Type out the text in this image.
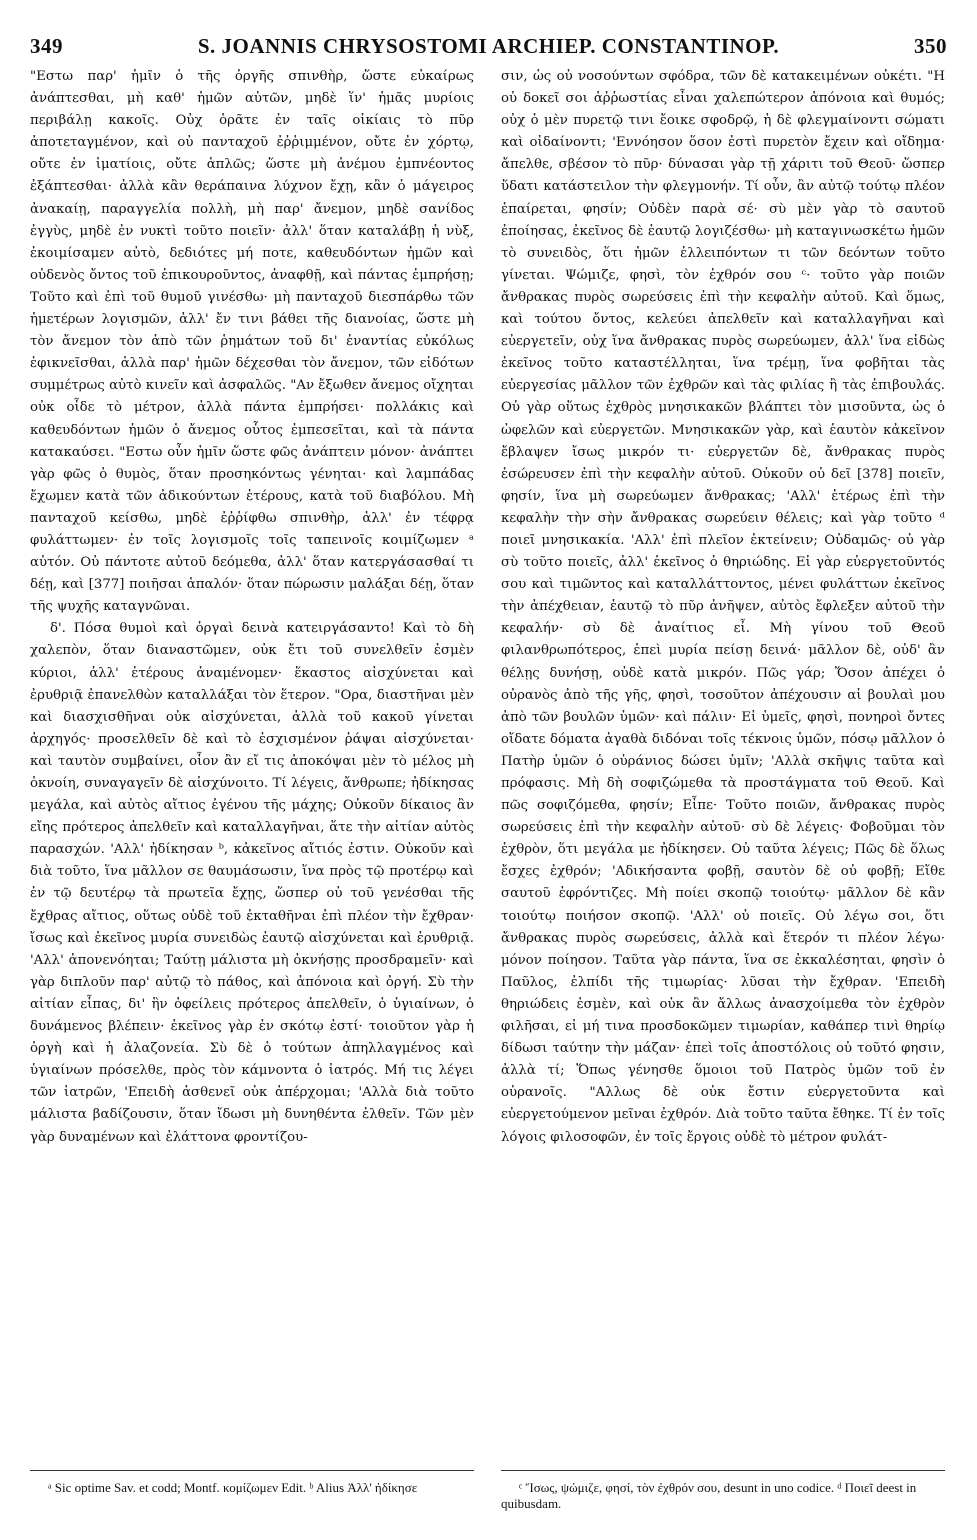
349	S. JOANNIS CHRYSOSTOMI ARCHIEP. CONSTANTINOP.	350

"Εστω παρ' ἡμῖν ὁ τῆς ὀργῆς σπινθὴρ, ὥστε εὐκαίρως ἀνάπτεσθαι, μὴ καθ' ἡμῶν αὐτῶν, μηδὲ ἵν' ἡμᾶς μυρίοις περιβάλῃ κακοῖς. Οὐχ ὁρᾶτε ἐν ταῖς οἰκίαις τὸ πῦρ ἀποτεταγμένον, καὶ οὐ πανταχοῦ ἐῤῥιμμένον, οὔτε ἐν χόρτῳ, οὔτε ἐν ἱματίοις, οὔτε ἁπλῶς; ὥστε μὴ ἀνέμου ἐμπνέοντος ἐξάπτεσθαι· ἀλλὰ κἂν θεράπαινα λύχνον ἔχῃ, κἂν ὁ μάγειρος ἀνακαίῃ, παραγγελία πολλὴ, μὴ παρ' ἄνεμον, μηδὲ σανίδος ἐγγὺς, μηδὲ ἐν νυκτὶ τοῦτο ποιεῖν· ἀλλ' ὅταν καταλάβῃ ἡ νὺξ, ἐκοιμίσαμεν αὐτὸ, δεδιότες μή ποτε, καθευδόντων ἡμῶν καὶ οὐδενὸς ὄντος τοῦ ἐπικουροῦντος, ἀναφθῇ, καὶ πάντας ἐμπρήσῃ; Τοῦτο καὶ ἐπὶ τοῦ θυμοῦ γινέσθω· μὴ πανταχοῦ διεσπάρθω τῶν ἡμετέρων λογισμῶν, ἀλλ' ἔν τινι βάθει τῆς διανοίας, ὥστε μὴ τὸν ἄνεμον τὸν ἀπὸ τῶν ῥημάτων τοῦ δι' ἐναντίας εὐκόλως ἐφικνεῖσθαι, ἀλλὰ παρ' ἡμῶν δέχεσθαι τὸν ἄνεμον, τῶν εἰδότων συμμέτρως αὐτὸ κινεῖν καὶ ἀσφαλῶς. "Αν ἔξωθεν ἄνεμος οἴχηται οὐκ οἶδε τὸ μέτρον, ἀλλὰ πάντα ἐμπρήσει· πολλάκις καὶ καθευδόντων ἡμῶν ὁ ἄνεμος οὗτος ἐμπεσεῖται, καὶ τὰ πάντα κατακαύσει. "Εστω οὖν ἡμῖν ὥστε φῶς ἀνάπτειν μόνον· ἀνάπτει γὰρ φῶς ὁ θυμὸς, ὅταν προσηκόντως γένηται· καὶ λαμπάδας ἔχωμεν κατὰ τῶν ἀδικούντων ἑτέρους, κατὰ τοῦ διαβόλου. Μὴ πανταχοῦ κείσθω, μηδὲ ἐῤῥίφθω σπινθὴρ, ἀλλ' ἐν τέφρᾳ φυλάττωμεν· ἐν τοῖς λογισμοῖς τοῖς ταπεινοῖς κοιμίζωμεν ᵃ αὐτόν. Οὐ πάντοτε αὐτοῦ δεόμεθα, ἀλλ' ὅταν κατεργάσασθαί τι δέῃ, καὶ [377] ποιῆσαι ἁπαλόν· ὅταν πώρωσιν μαλάξαι δέῃ, ὅταν τῆς ψυχῆς καταγνῶναι.

δ'. Πόσα θυμοὶ καὶ ὀργαὶ δεινὰ κατειργάσαντο! Καὶ τὸ δὴ χαλεπὸν, ὅταν διαναστῶμεν, οὐκ ἔτι τοῦ συνελθεῖν ἐσμὲν κύριοι, ἀλλ' ἑτέρους ἀναμένομεν· ἕκαστος αἰσχύνεται καὶ ἐρυθριᾷ ἐπανελθὼν καταλλάξαι τὸν ἕτερον. "Ορα, διαστῆναι μὲν καὶ διασχισθῆναι οὐκ αἰσχύνεται, ἀλλὰ τοῦ κακοῦ γίνεται ἀρχηγός· προσελθεῖν δὲ καὶ τὸ ἐσχισμένον ῥάψαι αἰσχύνεται· καὶ ταυτὸν συμβαίνει, οἷον ἂν εἴ τις ἀποκόψαι μὲν τὸ μέλος μὴ ὀκνοίη, συναγαγεῖν δὲ αἰσχύνοιτο. Τί λέγεις, ἄνθρωπε; ἠδίκησας μεγάλα, καὶ αὐτὸς αἴτιος ἐγένου τῆς μάχης; Οὐκοῦν δίκαιος ἂν εἴης πρότερος ἀπελθεῖν καὶ καταλλαγῆναι, ἅτε τὴν αἰτίαν αὐτὸς παρασχών. 'Αλλ' ἠδίκησαν ᵇ, κἀκεῖνος αἴτιός ἐστιν. Οὐκοῦν καὶ διὰ τοῦτο, ἵνα μᾶλλον σε θαυμάσωσιν, ἵνα πρὸς τῷ προτέρῳ καὶ ἐν τῷ δευτέρῳ τὰ πρωτεῖα ἔχῃς, ὥσπερ οὐ τοῦ γενέσθαι τῆς ἔχθρας αἴτιος, οὕτως οὐδὲ τοῦ ἐκταθῆναι ἐπὶ πλέον τὴν ἔχθραν· ἴσως καὶ ἐκεῖνος μυρία συνειδὼς ἑαυτῷ αἰσχύνεται καὶ ἐρυθριᾷ. 'Αλλ' ἀπονενόηται; Ταύτῃ μάλιστα μὴ ὀκνήσῃς προσδραμεῖν· καὶ γὰρ διπλοῦν παρ' αὐτῷ τὸ πάθος, καὶ ἀπόνοια καὶ ὀργή. Σὺ τὴν αἰτίαν εἶπας, δι' ἣν ὀφείλεις πρότερος ἀπελθεῖν, ὁ ὑγιαίνων, ὁ δυνάμενος βλέπειν· ἐκεῖνος γὰρ ἐν σκότῳ ἐστί· τοιοῦτον γὰρ ἡ ὀργὴ καὶ ἡ ἀλαζονεία. Σὺ δὲ ὁ τούτων ἀπηλλαγμένος καὶ ὑγιαίνων πρόσελθε, πρὸς τὸν κάμνοντα ὁ ἰατρός. Μή τις λέγει τῶν ἰατρῶν, 'Επειδὴ ἀσθενεῖ οὐκ ἀπέρχομαι; 'Αλλὰ διὰ τοῦτο μάλιστα βαδίζουσιν, ὅταν ἴδωσι μὴ δυνηθέντα ἐλθεῖν. Τῶν μὲν γὰρ δυναμένων καὶ ἐλάττονα φροντίζου-

σιν, ὡς οὐ νοσούντων σφόδρα, τῶν δὲ κατακειμένων οὐκέτι. "Η οὐ δοκεῖ σοι ἀῤῥωστίας εἶναι χαλεπώτερον ἀπόνοια καὶ θυμός; οὐχ ὁ μὲν πυρετῷ τινι ἔοικε σφοδρῷ, ἡ δὲ φλεγμαίνοντι σώματι καὶ οἰδαίνοντι; 'Εννόησον ὅσον ἐστὶ πυρετὸν ἔχειν καὶ οἴδημα· ἄπελθε, σβέσον τὸ πῦρ· δύνασαι γὰρ τῇ χάριτι τοῦ Θεοῦ· ὥσπερ ὕδατι κατάστειλον τὴν φλεγμονήν. Τί οὖν, ἂν αὐτῷ τούτῳ πλέον ἐπαίρεται, φησίν; Οὐδὲν παρὰ σέ· σὺ μὲν γὰρ τὸ σαυτοῦ ἐποίησας, ἐκεῖνος δὲ ἑαυτῷ λογιζέσθω· μὴ καταγινωσκέτω ἡμῶν τὸ συνειδὸς, ὅτι ἡμῶν ἐλλειπόντων τι τῶν δεόντων τοῦτο γίνεται. Ψώμιζε, φησὶ, τὸν ἐχθρόν σου ᶜ· τοῦτο γὰρ ποιῶν ἄνθρακας πυρὸς σωρεύσεις ἐπὶ τὴν κεφαλὴν αὐτοῦ. Καὶ ὅμως, καὶ τούτου ὄντος, κελεύει ἀπελθεῖν καὶ καταλλαγῆναι καὶ εὐεργετεῖν, οὐχ ἵνα ἄνθρακας πυρὸς σωρεύωμεν, ἀλλ' ἵνα εἰδὼς ἐκεῖνος τοῦτο καταστέλληται, ἵνα τρέμῃ, ἵνα φοβῆται τὰς εὐεργεσίας μᾶλλον τῶν ἐχθρῶν καὶ τὰς φιλίας ἢ τὰς ἐπιβουλάς. Οὐ γὰρ οὕτως ἐχθρὸς μνησικακῶν βλάπτει τὸν μισοῦντα, ὡς ὁ ὠφελῶν καὶ εὐεργετῶν. Μνησικακῶν γὰρ, καὶ ἑαυτὸν κἀκεῖνον ἔβλαψεν ἴσως μικρόν τι· εὐεργετῶν δὲ, ἄνθρακας πυρὸς ἐσώρευσεν ἐπὶ τὴν κεφαλὴν αὐτοῦ. Οὐκοῦν οὐ δεῖ [378] ποιεῖν, φησίν, ἵνα μὴ σωρεύωμεν ἄνθρακας; 'Αλλ' ἑτέρως ἐπὶ τὴν κεφαλὴν τὴν σὴν ἄνθρακας σωρεύειν θέλεις; καὶ γὰρ τοῦτο ᵈ ποιεῖ μνησικακία. 'Αλλ' ἐπὶ πλεῖον ἐκτείνειν; Οὐδαμῶς· οὐ γὰρ σὺ τοῦτο ποιεῖς, ἀλλ' ἐκεῖνος ὁ θηριώδης. Εἰ γὰρ εὐεργετοῦντός σου καὶ τιμῶντος καὶ καταλλάττοντος, μένει φυλάττων ἐκεῖνος τὴν ἀπέχθειαν, ἑαυτῷ τὸ πῦρ ἀνῆψεν, αὐτὸς ἔφλεξεν αὐτοῦ τὴν κεφαλήν· σὺ δὲ ἀναίτιος εἶ. Μὴ γίνου τοῦ Θεοῦ φιλανθρωπότερος, ἐπεὶ μυρία πείσῃ δεινά· μᾶλλον δὲ, οὐδ' ἂν θέλῃς δυνήσῃ, οὐδὲ κατὰ μικρόν. Πῶς γάρ; Ὅσον ἀπέχει ὁ οὐρανὸς ἀπὸ τῆς γῆς, φησὶ, τοσοῦτον ἀπέχουσιν αἱ βουλαὶ μου ἀπὸ τῶν βουλῶν ὑμῶν· καὶ πάλιν· Εἰ ὑμεῖς, φησὶ, πονηροὶ ὄντες οἴδατε δόματα ἀγαθὰ διδόναι τοῖς τέκνοις ὑμῶν, πόσῳ μᾶλλον ὁ Πατὴρ ὑμῶν ὁ οὐράνιος δώσει ὑμῖν; 'Αλλὰ σκῆψις ταῦτα καὶ πρόφασις. Μὴ δὴ σοφιζώμεθα τὰ προστάγματα τοῦ Θεοῦ. Καὶ πῶς σοφιζόμεθα, φησίν; Εἶπε· Τοῦτο ποιῶν, ἄνθρακας πυρὸς σωρεύσεις ἐπὶ τὴν κεφαλὴν αὐτοῦ· σὺ δὲ λέγεις· Φοβοῦμαι τὸν ἐχθρὸν, ὅτι μεγάλα με ἠδίκησεν. Οὐ ταῦτα λέγεις; Πῶς δὲ ὅλως ἔσχες ἐχθρόν; 'Αδικήσαντα φοβῇ, σαυτὸν δὲ οὐ φοβῇ; Εἴθε σαυτοῦ ἐφρόντιζες. Μὴ ποίει σκοπῷ τοιούτῳ· μᾶλλον δὲ κἂν τοιούτῳ ποιήσον σκοπῷ. 'Αλλ' οὐ ποιεῖς. Οὐ λέγω σοι, ὅτι ἄνθρακας πυρὸς σωρεύσεις, ἀλλὰ καὶ ἕτερόν τι πλέον λέγω· μόνον ποίησον. Ταῦτα γὰρ πάντα, ἵνα σε ἐκκαλέσηται, φησὶν ὁ Παῦλος, ἐλπίδι τῆς τιμωρίας· λῦσαι τὴν ἔχθραν. 'Επειδὴ θηριώδεις ἐσμὲν, καὶ οὐκ ἂν ἄλλως ἀνασχοίμεθα τὸν ἐχθρὸν φιλῆσαι, εἰ μή τινα προσδοκῶμεν τιμωρίαν, καθάπερ τινὶ θηρίῳ δίδωσι ταύτην τὴν μάζαν· ἐπεὶ τοῖς ἀποστόλοις οὐ τοῦτό φησιν, ἀλλὰ τί; Ὅπως γένησθε ὅμοιοι τοῦ Πατρὸς ὑμῶν τοῦ ἐν οὐρανοῖς. "Αλλως δὲ οὐκ ἔστιν εὐεργετοῦντα καὶ εὐεργετούμενον μεῖναι ἐχθρόν. Διὰ τοῦτο ταῦτα ἔθηκε. Τί ἐν τοῖς λόγοις φιλοσοφῶν, ἐν τοῖς ἔργοις οὐδὲ τὸ μέτρον φυλάτ-

ᵃ Sic optime Sav. et codd; Montf. κομίζωμεν Edit. ᵇ Alius Ἀλλ' ἠδίκησε	ᶜ Ἴσως, ψώμιζε, φησί, τὸν ἐχθρόν σου, desunt in uno codice. ᵈ Ποιεῖ deest in quibusdam.
